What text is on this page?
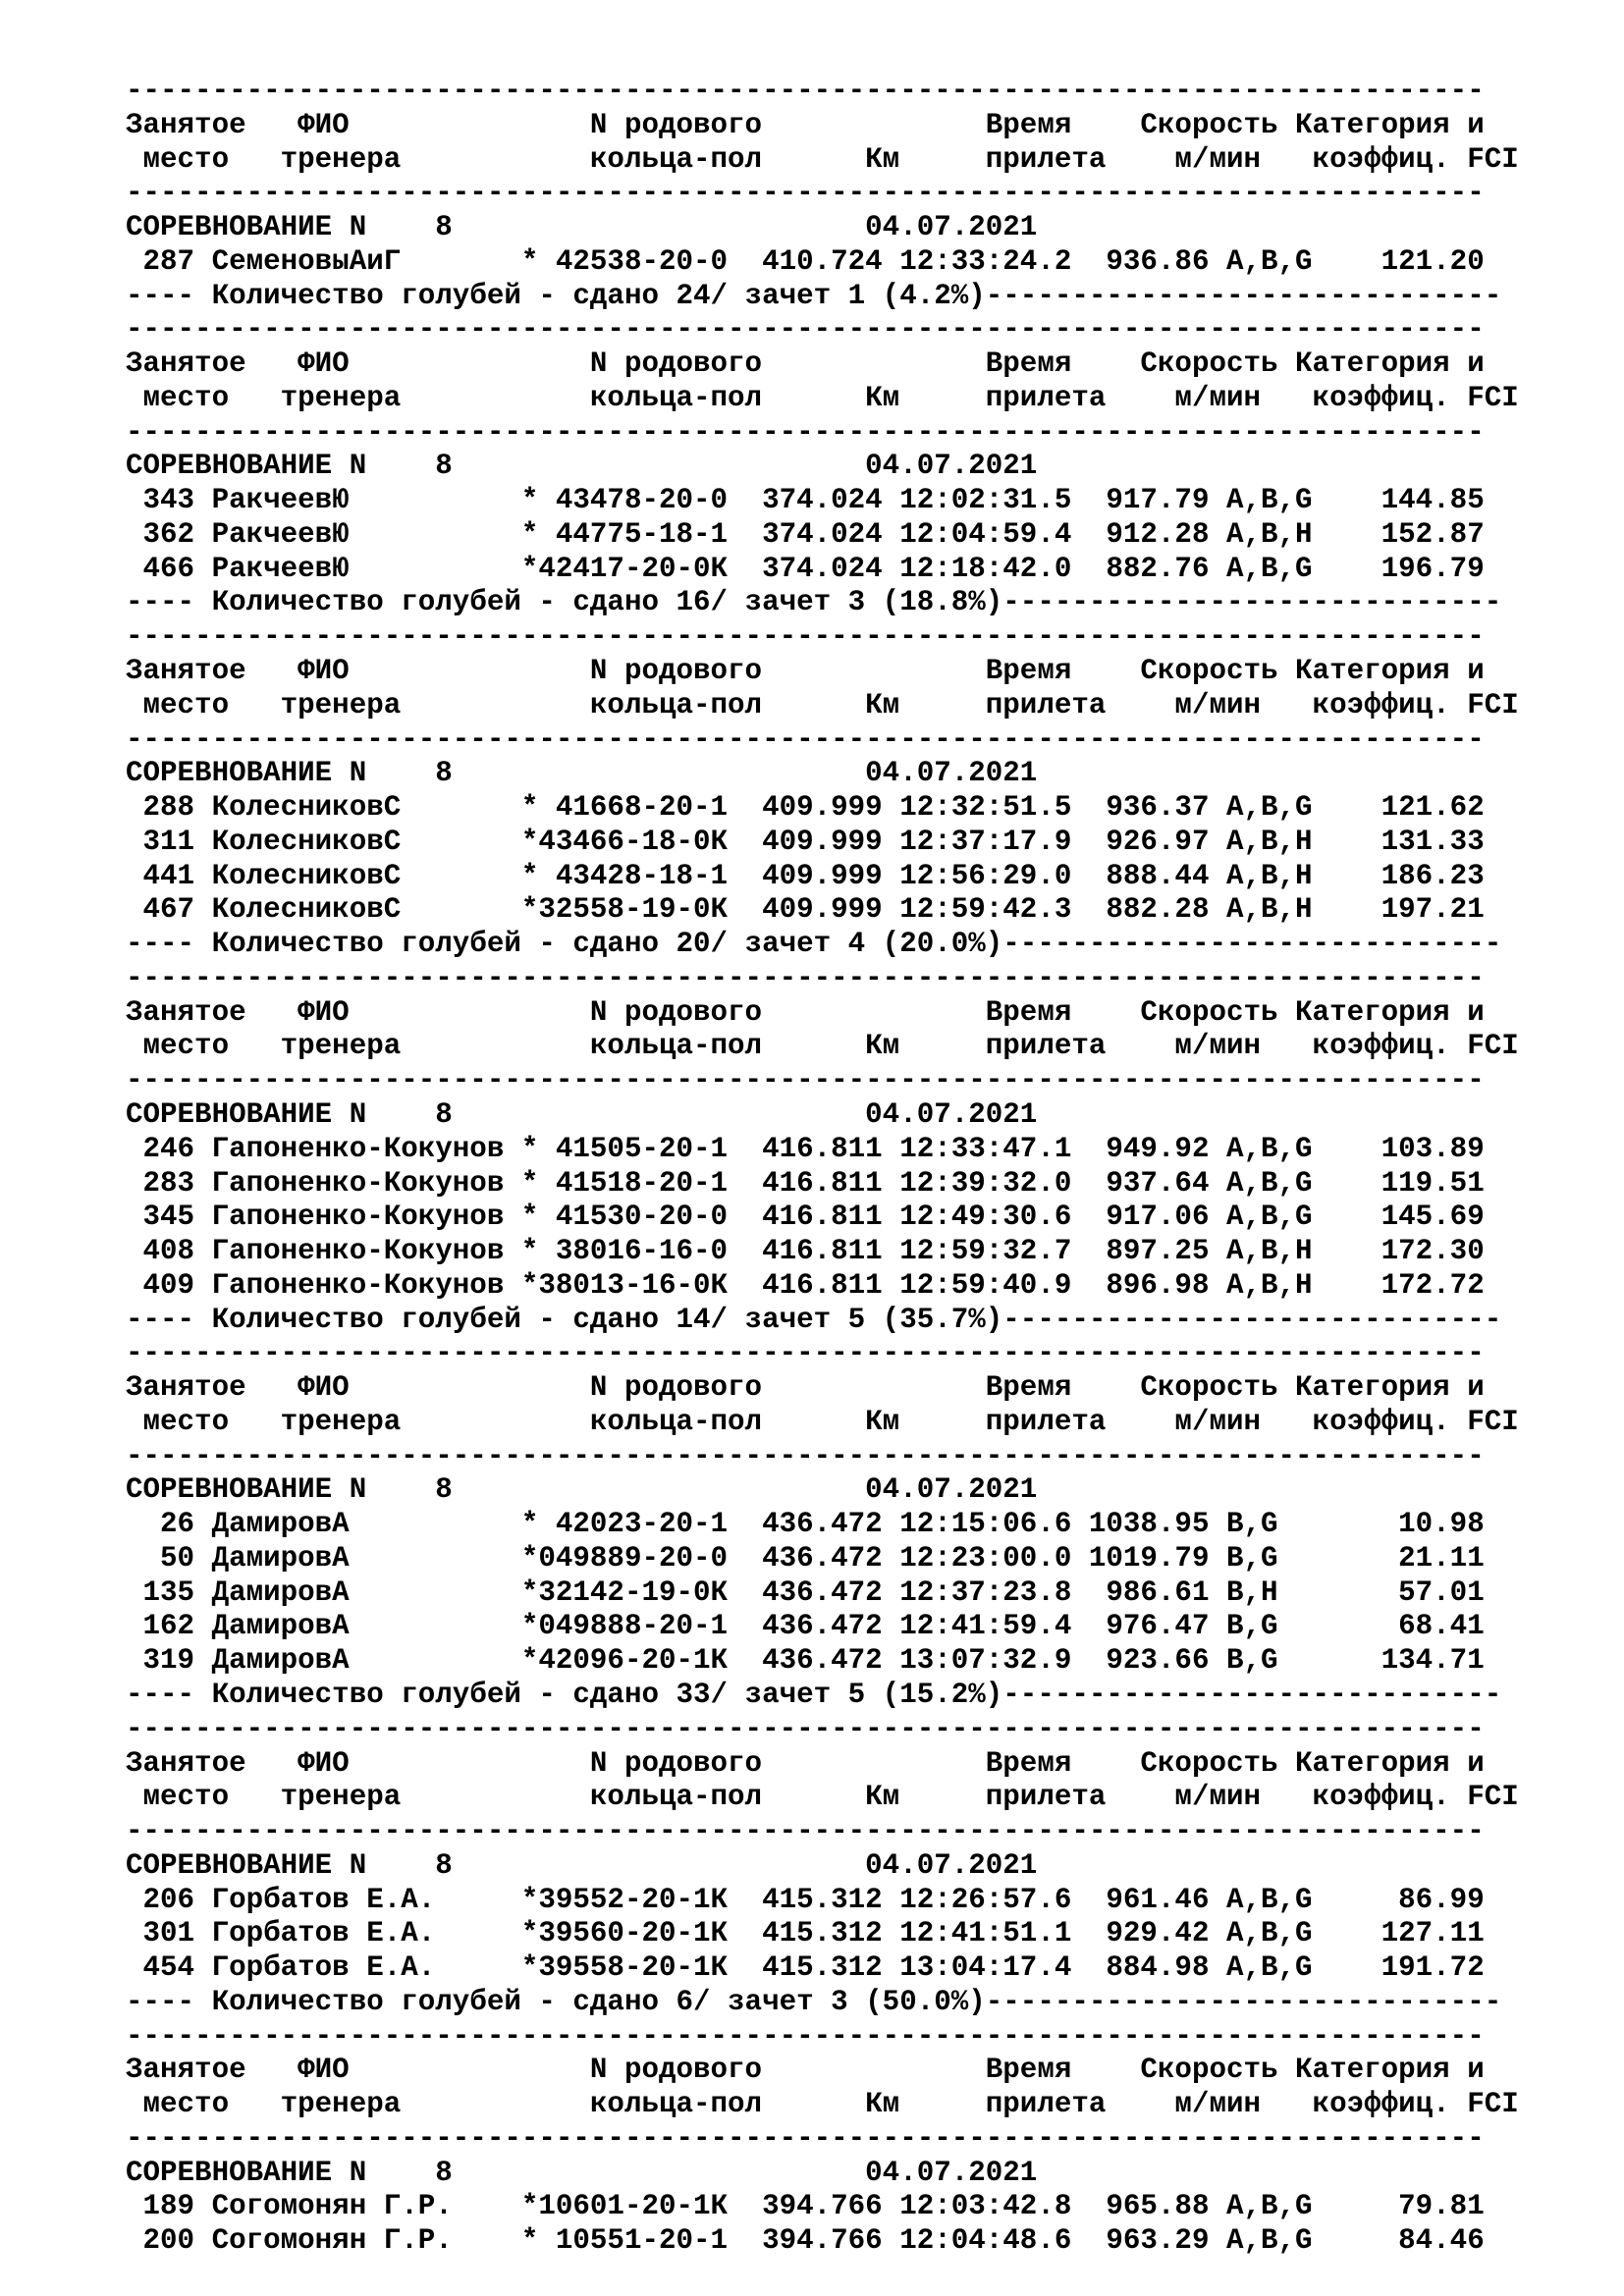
-------------------------------------------------------------------------------
Занятое   ФИО              N родового             Время    Скорость Категория и
место   тренера           кольца-пол      Км     прилета    м/мин   коэффиц. FCI
-------------------------------------------------------------------------------
СОРЕВНОВАНИЕ N    8                        04.07.2021
287 СеменовыАиГ       * 42538-20-0  410.724 12:33:24.2  936.86 A,B,G    121.20
---- Количество голубей - сдано 24/ зачет 1 (4.2%)------------------------------
-------------------------------------------------------------------------------
Занятое   ФИО              N родового             Время    Скорость Категория и
место   тренера           кольца-пол      Км     прилета    м/мин   коэффиц. FCI
-------------------------------------------------------------------------------
СОРЕВНОВАНИЕ N    8                        04.07.2021
343 РакчеевЮ          * 43478-20-0  374.024 12:02:31.5  917.79 A,B,G    144.85
362 РакчеевЮ          * 44775-18-1  374.024 12:04:59.4  912.28 A,B,H    152.87
466 РакчеевЮ          *42417-20-0К  374.024 12:18:42.0  882.76 A,B,G    196.79
---- Количество голубей - сдано 16/ зачет 3 (18.8%)-----------------------------
-------------------------------------------------------------------------------
Занятое   ФИО              N родового             Время    Скорость Категория и
место   тренера           кольца-пол      Км     прилета    м/мин   коэффиц. FCI
-------------------------------------------------------------------------------
СОРЕВНОВАНИЕ N    8                        04.07.2021
288 КолесниковС       * 41668-20-1  409.999 12:32:51.5  936.37 A,B,G    121.62
311 КолесниковС       *43466-18-0К  409.999 12:37:17.9  926.97 A,B,H    131.33
441 КолесниковС       * 43428-18-1  409.999 12:56:29.0  888.44 A,B,H    186.23
467 КолесниковС       *32558-19-0К  409.999 12:59:42.3  882.28 A,B,H    197.21
---- Количество голубей - сдано 20/ зачет 4 (20.0%)-----------------------------
-------------------------------------------------------------------------------
Занятое   ФИО              N родового             Время    Скорость Категория и
место   тренера           кольца-пол      Км     прилета    м/мин   коэффиц. FCI
-------------------------------------------------------------------------------
СОРЕВНОВАНИЕ N    8                        04.07.2021
246 Гапоненко-Кокунов * 41505-20-1  416.811 12:33:47.1  949.92 A,B,G    103.89
283 Гапоненко-Кокунов * 41518-20-1  416.811 12:39:32.0  937.64 A,B,G    119.51
345 Гапоненко-Кокунов * 41530-20-0  416.811 12:49:30.6  917.06 A,B,G    145.69
408 Гапоненко-Кокунов * 38016-16-0  416.811 12:59:32.7  897.25 A,B,H    172.30
409 Гапоненко-Кокунов *38013-16-0К  416.811 12:59:40.9  896.98 A,B,H    172.72
---- Количество голубей - сдано 14/ зачет 5 (35.7%)-----------------------------
-------------------------------------------------------------------------------
Занятое   ФИО              N родового             Время    Скорость Категория и
место   тренера           кольца-пол      Км     прилета    м/мин   коэффиц. FCI
-------------------------------------------------------------------------------
СОРЕВНОВАНИЕ N    8                        04.07.2021
26 ДамировА          * 42023-20-1  436.472 12:15:06.6 1038.95 B,G       10.98
50 ДамировА          *049889-20-0  436.472 12:23:00.0 1019.79 B,G       21.11
135 ДамировА          *32142-19-0К  436.472 12:37:23.8  986.61 B,H       57.01
162 ДамировА          *049888-20-1  436.472 12:41:59.4  976.47 B,G       68.41
319 ДамировА          *42096-20-1К  436.472 13:07:32.9  923.66 B,G      134.71
---- Количество голубей - сдано 33/ зачет 5 (15.2%)-----------------------------
-------------------------------------------------------------------------------
Занятое   ФИО              N родового             Время    Скорость Категория и
место   тренера           кольца-пол      Км     прилета    м/мин   коэффиц. FCI
-------------------------------------------------------------------------------
СОРЕВНОВАНИЕ N    8                        04.07.2021
206 Горбатов Е.А.     *39552-20-1К  415.312 12:26:57.6  961.46 A,B,G     86.99
301 Горбатов Е.А.     *39560-20-1К  415.312 12:41:51.1  929.42 A,B,G    127.11
454 Горбатов Е.А.     *39558-20-1К  415.312 13:04:17.4  884.98 A,B,G    191.72
---- Количество голубей - сдано 6/ зачет 3 (50.0%)------------------------------
-------------------------------------------------------------------------------
Занятое   ФИО              N родового             Время    Скорость Категория и
место   тренера           кольца-пол      Км     прилета    м/мин   коэффиц. FCI
-------------------------------------------------------------------------------
СОРЕВНОВАНИЕ N    8                        04.07.2021
189 Согомонян Г.Р.    *10601-20-1К  394.766 12:03:42.8  965.88 A,B,G     79.81
200 Согомонян Г.Р.    * 10551-20-1  394.766 12:04:48.6  963.29 A,B,G     84.46
